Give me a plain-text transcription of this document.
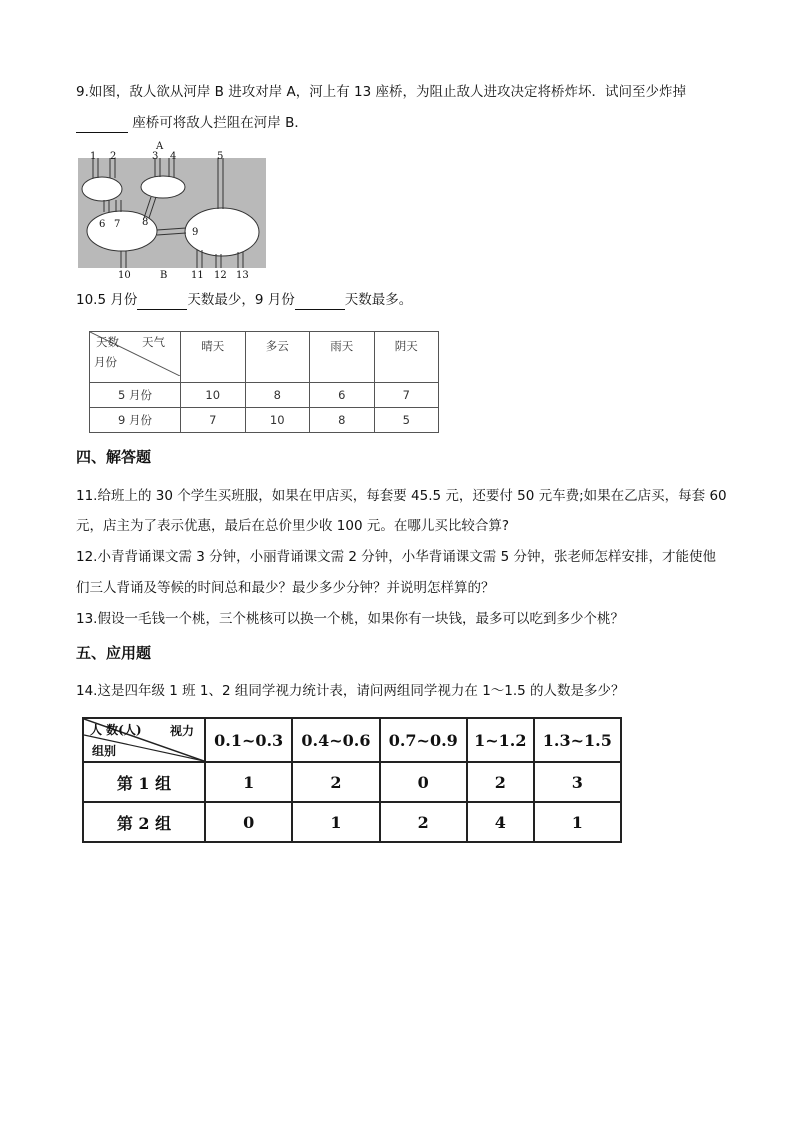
9.如图，敌人欲从河岸 B 进攻对岸 A，河上有 13 座桥，为阻止敌人进攻决定将桥炸坏．试问至少炸掉
座桥可将敌人拦阻在河岸 B．
A
B
1 2	3 4	5
6 7 8
9
10	11 12 13
10.5 月份	天数最少，9 月份	天数最多。
天数 天气
月份	晴天	多云	雨天	阴天
5 月份	10	8	6	7
9 月份	7	10	8	5
四、解答题
11.给班上的 30 个学生买班服，如果在甲店买，每套要 45.5 元，还要付 50 元车费;如果在乙店买，每套 60
元，店主为了表示优惠，最后在总价里少收 100 元。在哪儿买比较合算?
12.小青背诵课文需 3 分钟，小丽背诵课文需 2 分钟，小华背诵课文需 5 分钟，张老师怎样安排，才能使他
们三人背诵及等候的时间总和最少？最少多少分钟？并说明怎样算的？
13.假设一毛钱一个桃，三个桃核可以换一个桃，如果你有一块钱，最多可以吃到多少个桃？
五、应用题
14.这是四年级 1 班 1、2 组同学视力统计表，请问两组同学视力在 1～1.5 的人数是多少？
人 数(人) 视力
组别	0.1~0.3	0.4~0.6	0.7~0.9	1~1.2	1.3~1.5
第 1 组	1	2	0	2	3
第 2 组	0	1	2	4	1
